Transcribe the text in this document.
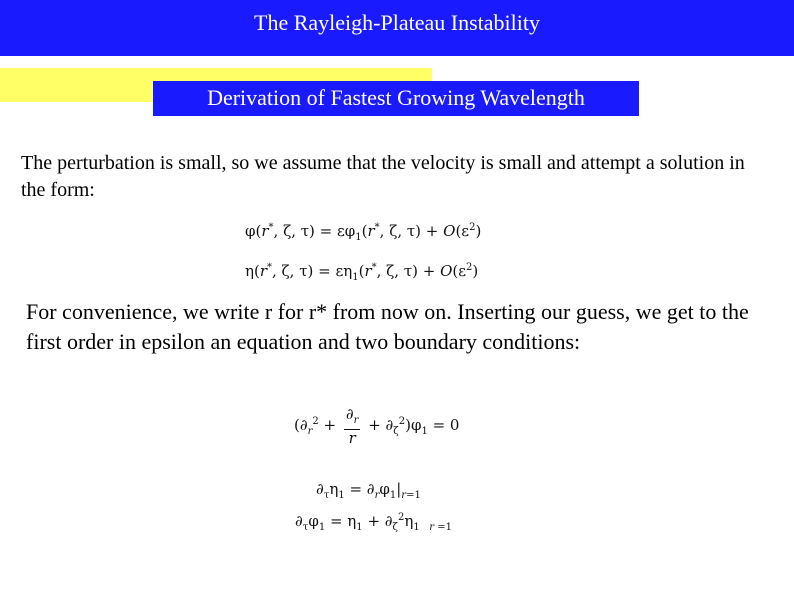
The Rayleigh-Plateau Instability
Derivation of Fastest Growing Wavelength
The perturbation is small, so we assume that the velocity is small and attempt a solution in the form:
φ(r*, ζ, $\tau) = \varepsilon\varphi_1(r^*$, ζ, $\tau) + O(\varepsilon^2)$
η(r*, ζ, $\tau) = \varepsilon\eta_1(r^*$, ζ, $\tau) + O(\varepsilon^2)$
For convenience, we write r for r* from now on. Inserting our guess, we get to the first order in epsilon an equation and two boundary conditions:
$(\partial_r^2 + \frac{\partial_r}{r} + \partial_\zeta^2)\varphi_1 = 0$
$\partial_\tau\eta_1 = \partial_r\varphi_1|_{r=1}$
$\partial_\tau\varphi_1 = \eta_1 + \partial_\zeta^2\eta_1$ $_{r =1}$
